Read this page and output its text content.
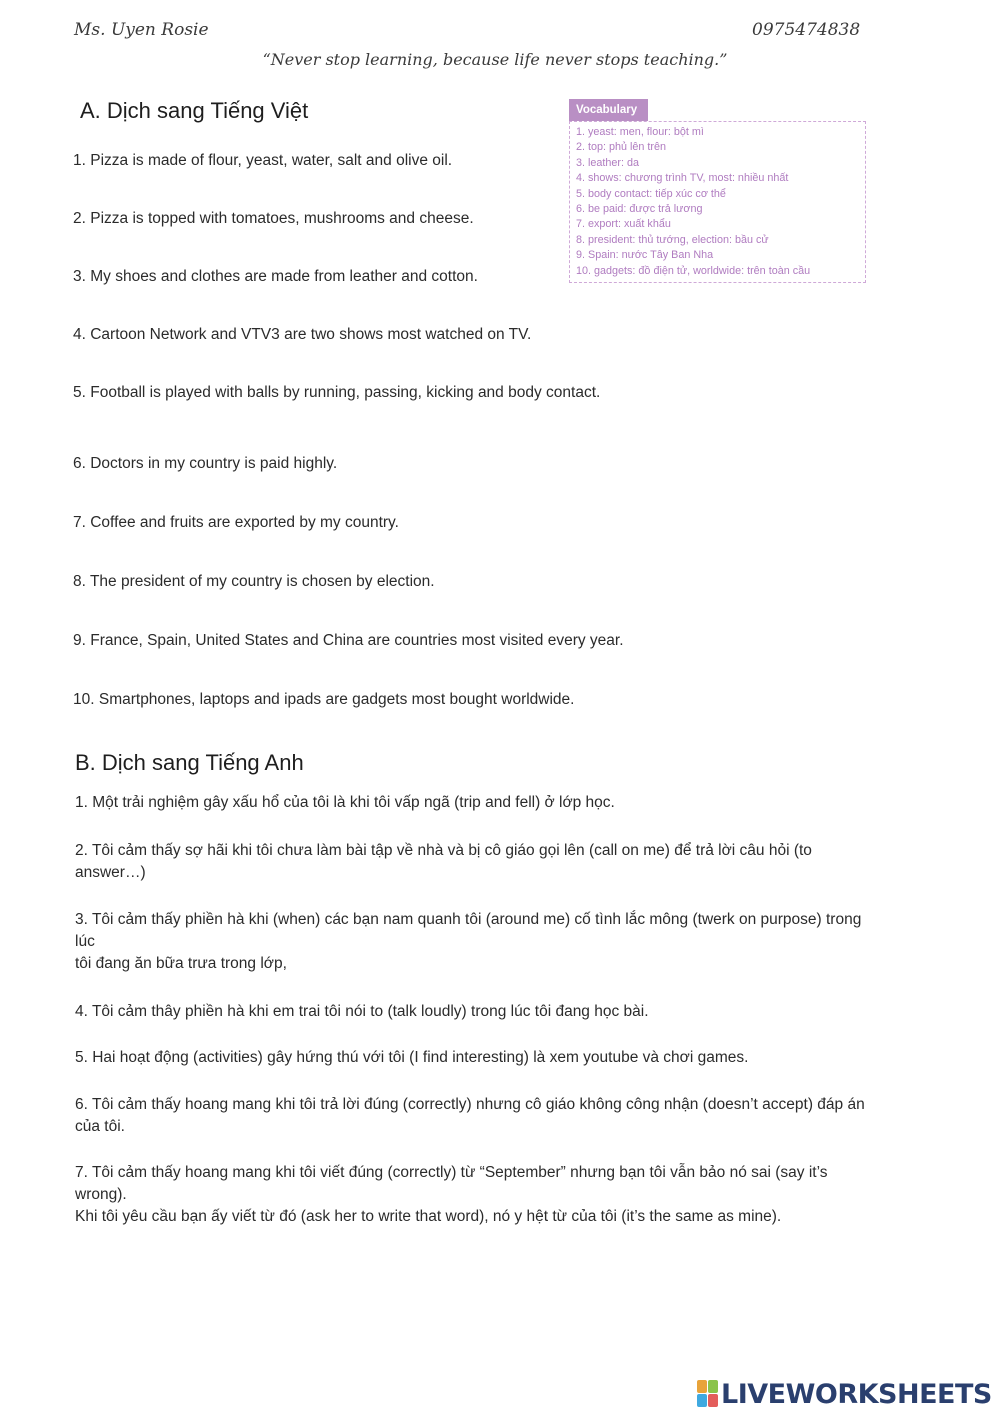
Ms. Uyen Rosie	0975474838
“Never stop learning, because life never stops teaching.”
A. Dịch sang Tiếng Việt
1. Pizza is made of flour, yeast, water, salt and olive oil.
2. Pizza is topped with tomatoes, mushrooms and cheese.
3. My shoes and clothes are made from leather and cotton.
4. Cartoon Network and VTV3 are two shows most watched on TV.
5. Football is played with balls by running, passing, kicking and body contact.
6. Doctors in my country is paid highly.
7. Coffee and fruits are exported by my country.
8. The president of my country is chosen by election.
9. France, Spain, United States and China are countries most visited every year.
10. Smartphones, laptops and ipads are gadgets most bought worldwide.
Vocabulary
1. yeast: men, flour: bột mì
2. top: phủ lên trên
3. leather: da
4. shows: chương trình TV, most: nhiều nhất
5. body contact: tiếp xúc cơ thể
6. be paid: được trả lương
7. export: xuất khẩu
8. president: thủ tướng, election: bầu cử
9. Spain: nước Tây Ban Nha
10. gadgets: đồ điện tử, worldwide: trên toàn cầu
B. Dịch sang Tiếng Anh
1. Một trải nghiệm gây xấu hổ của tôi là khi tôi vấp ngã (trip and fell) ở lớp học.
2. Tôi cảm thấy sợ hãi khi tôi chưa làm bài tập về nhà và bị cô giáo gọi lên (call on me) để trả lời câu hỏi (to
answer…)
3. Tôi cảm thấy phiền hà khi (when) các bạn nam quanh tôi (around me) cố tình lắc mông (twerk on purpose) trong
lúc
tôi đang ăn bữa trưa trong lớp,
4. Tôi cảm thây phiền hà khi em trai tôi nói to (talk loudly) trong lúc tôi đang học bài.
5. Hai hoạt động (activities) gây hứng thú với tôi (I find interesting) là xem youtube và chơi games.
6. Tôi cảm thấy hoang mang khi tôi trả lời đúng (correctly) nhưng cô giáo không công nhận (doesn’t accept) đáp án
của tôi.
7. Tôi cảm thấy hoang mang khi tôi viết đúng (correctly) từ “September” nhưng bạn tôi vẫn bảo nó sai (say it’s
wrong).
Khi tôi yêu cầu bạn ấy viết từ đó (ask her to write that word), nó y hệt từ của tôi (it’s the same as mine).
LIVEWORKSHEETS
